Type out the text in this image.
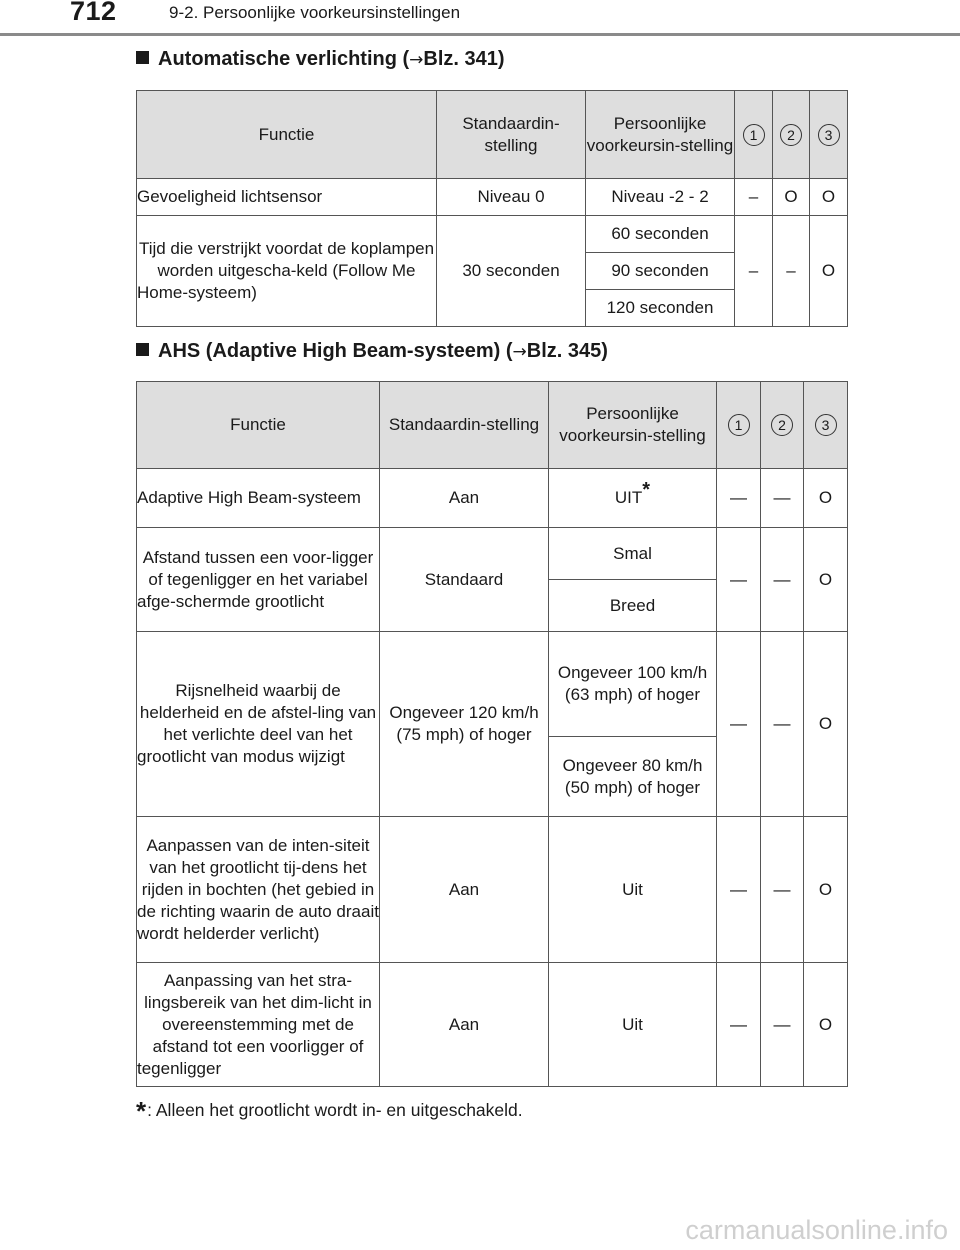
712	9-2. Persoonlijke voorkeursinstellingen
Automatische verlichting (→Blz. 341)
Functie	Standaardin-stelling	Persoonlijke voorkeursin-stelling	1	2	3
Gevoeligheid lichtsensor	Niveau 0	Niveau -2 - 2	–	O	O
Tijd die verstrijkt voordat de koplampen worden uitgescha-keld (Follow Me Home-systeem)	30 seconden	60 seconden	–	–	O
		90 seconden			
		120 seconden			
AHS (Adaptive High Beam-systeem) (→Blz. 345)
Functie	Standaardin-stelling	Persoonlijke voorkeursin-stelling	1	2	3
Adaptive High Beam-systeem	Aan	UIT*	—	—	O
Afstand tussen een voor-ligger of tegenligger en het variabel afge-schermde grootlicht	Standaard	Smal	—	—	O
		Breed			
Rijsnelheid waarbij de helderheid en de afstel-ling van het verlichte deel van het grootlicht van modus wijzigt	Ongeveer 120 km/h (75 mph) of hoger	Ongeveer 100 km/h (63 mph) of hoger	—	—	O
		Ongeveer 80 km/h (50 mph) of hoger			
Aanpassen van de inten-siteit van het grootlicht tij-dens het rijden in bochten (het gebied in de richting waarin de auto draait wordt helderder verlicht)	Aan	Uit	—	—	O
Aanpassing van het stra-lingsbereik van het dim-licht in overeenstemming met de afstand tot een voorligger of tegenligger	Aan	Uit	—	—	O
*: Alleen het grootlicht wordt in- en uitgeschakeld.
carmanualsonline.info
